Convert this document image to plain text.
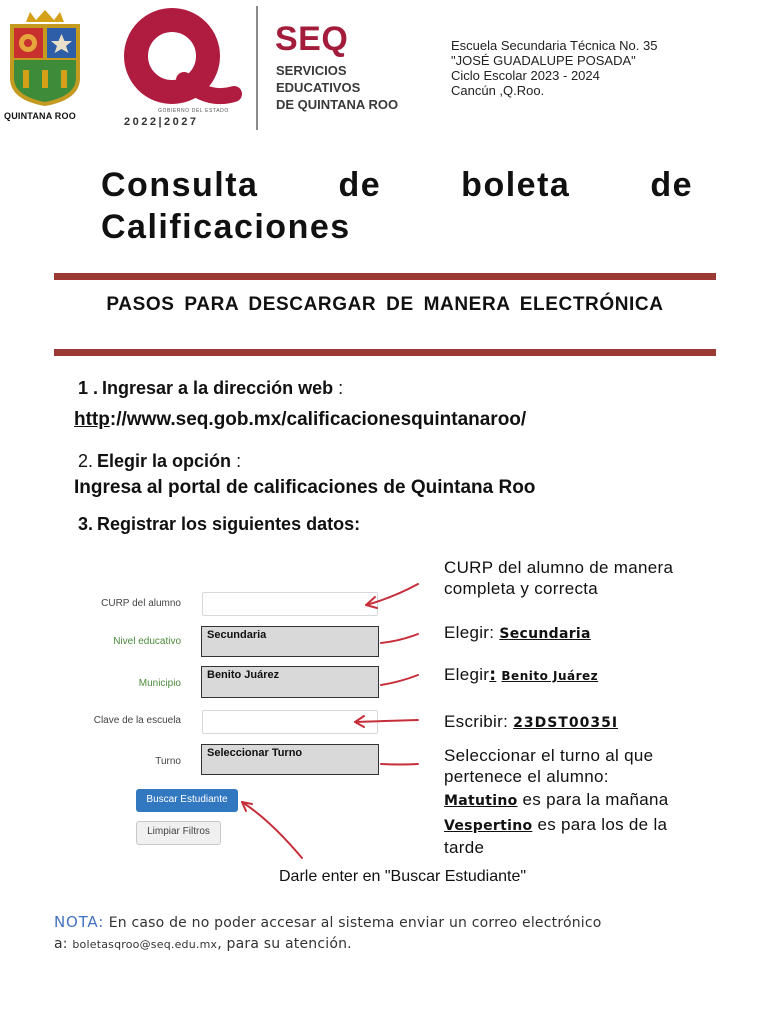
QUINTANA ROO	GOBIERNO DEL ESTADO
2022|2027
SEQ
SERVICIOS
EDUCATIVOS
DE QUINTANA ROO
Escuela Secundaria Técnica No. 35
"JOSÉ GUADALUPE POSADA"
Ciclo Escolar 2023 - 2024
Cancún ,Q.Roo.
Consulta de boleta de
Calificaciones
PASOS PARA DESCARGAR DE MANERA ELECTRÓNICA
1 . Ingresar a la dirección web :
http://www.seq.gob.mx/calificacionesquintanaroo/
2. Elegir la opción :
Ingresa al portal de calificaciones de Quintana Roo
3. Registrar los siguientes datos:
CURP del alumno
Nivel educativo
Secundaria
Municipio
Benito Juárez
Clave de la escuela
Turno
Seleccionar Turno
Buscar Estudiante
Limpiar Filtros
CURP del alumno de manera
completa y correcta
Elegir: Secundaria
Elegir: Benito Juárez
Escribir: 23DST0035I
Seleccionar el turno al que
pertenece el alumno:
Matutino es para la mañana
Vespertino es para los de la
tarde
Darle enter en "Buscar Estudiante"
NOTA: En caso de no poder accesar al sistema enviar un correo electrónico
a: boletasqroo@seq.edu.mx, para su atención.
